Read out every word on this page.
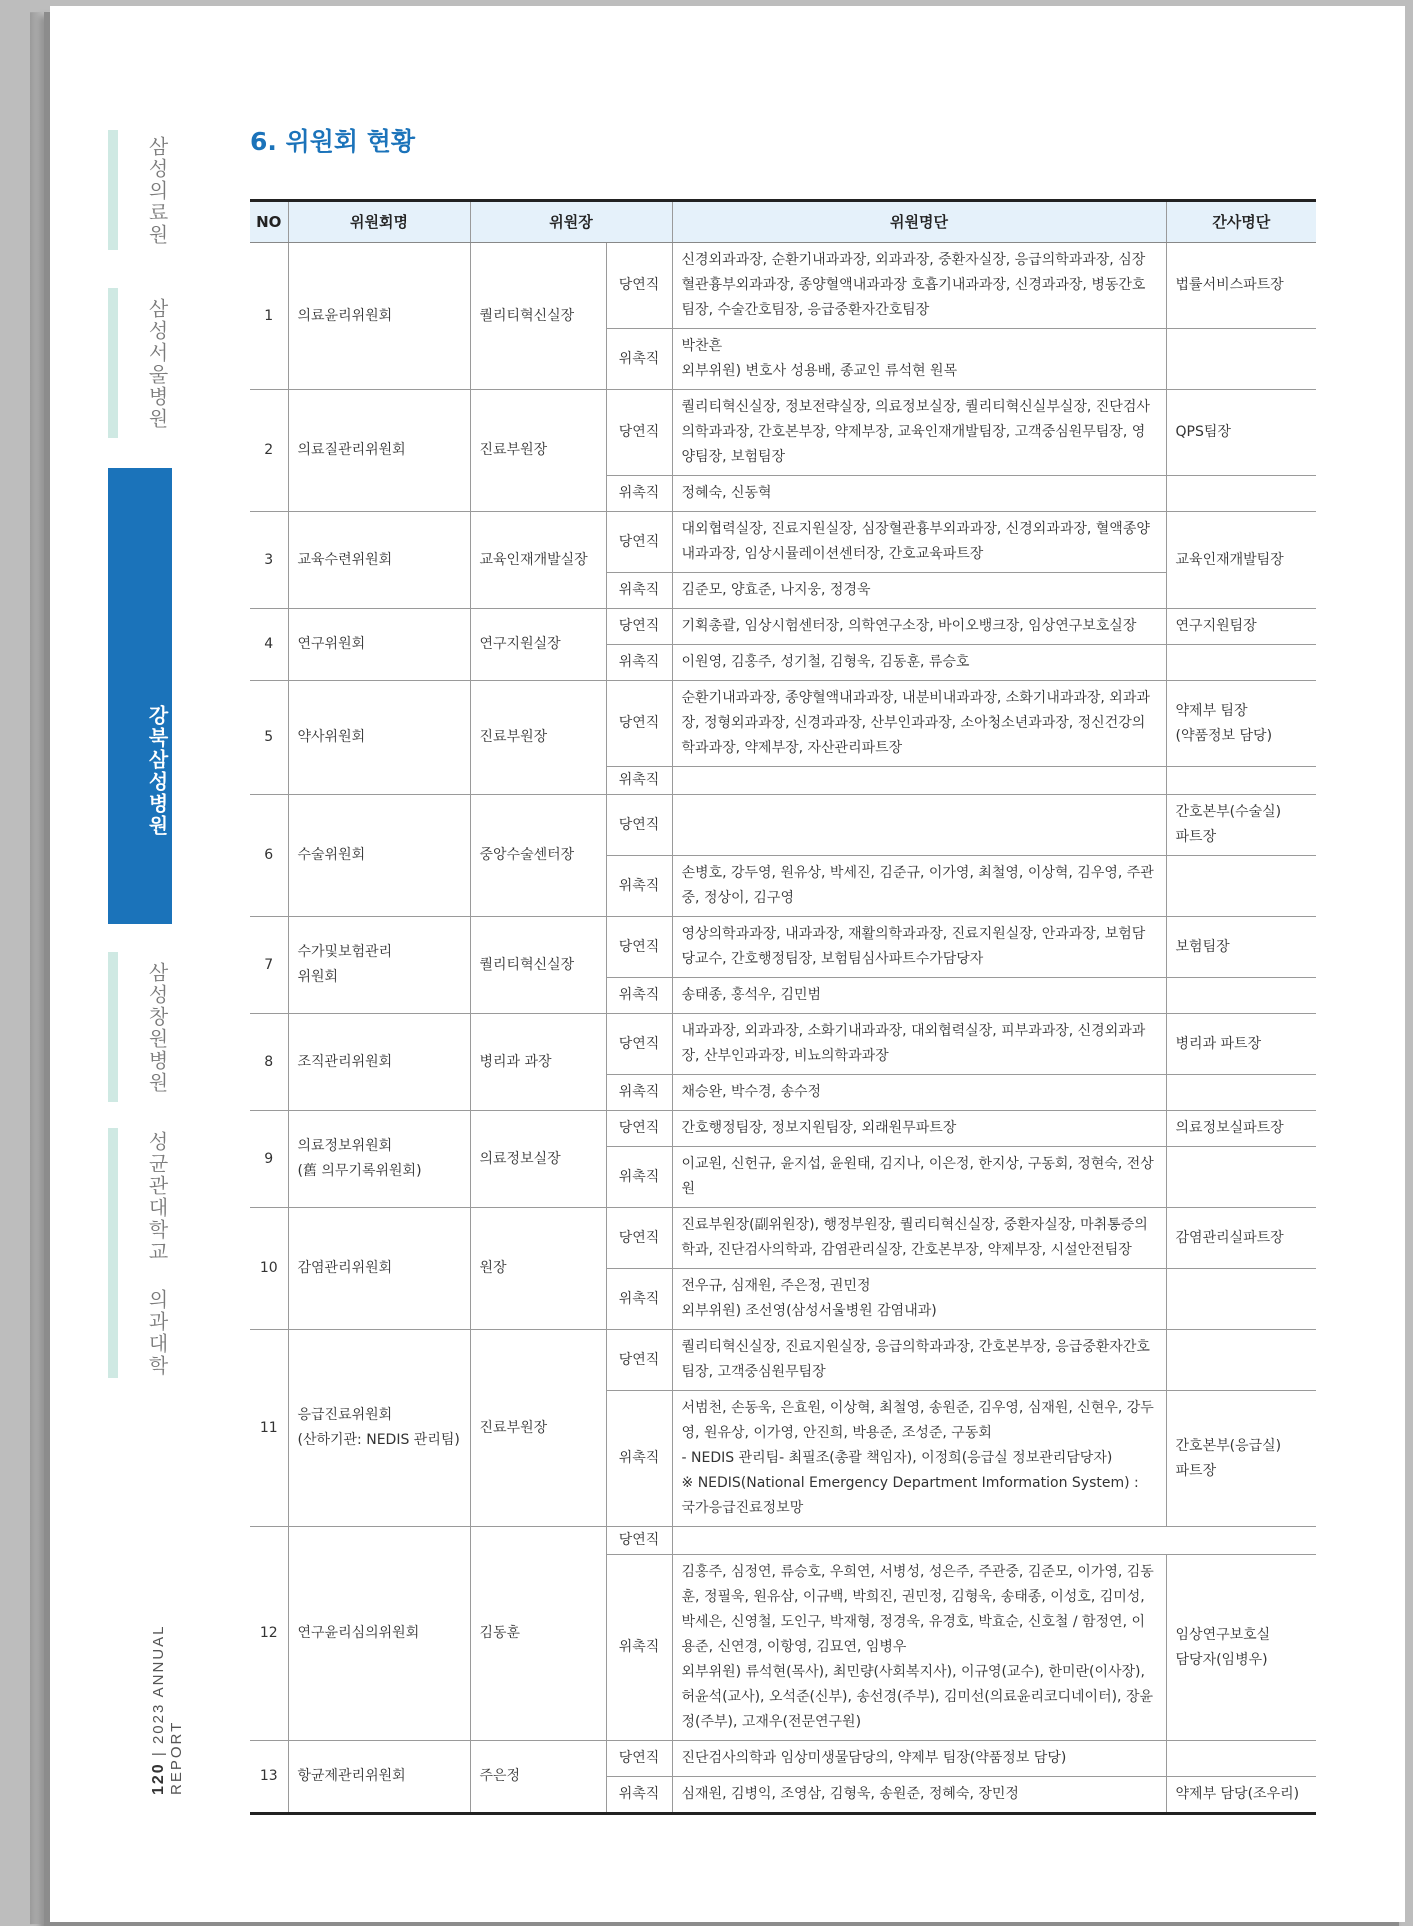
삼성의료원
삼성서울병원
강북삼성병원
삼성창원병원
성균관대학교 의과대학
120 | 2023 ANNUAL REPORT
6. 위원회 현황
NO	위원회명	위원장		위원명단	간사명단
1	의료윤리위원회	퀄리티혁신실장	당연직	신경외과과장, 순환기내과과장, 외과과장, 중환자실장, 응급의학과과장, 심장혈관흉부외과과장, 종양혈액내과과장 호흡기내과과장, 신경과과장, 병동간호팀장, 수술간호팀장, 응급중환자간호팀장	법률서비스파트장
			위촉직	박찬흔
외부위원) 변호사 성용배, 종교인 류석현 원목	
2	의료질관리위원회	진료부원장	당연직	퀄리티혁신실장, 정보전략실장, 의료정보실장, 퀄리티혁신실부실장, 진단검사의학과과장, 간호본부장, 약제부장, 교육인재개발팀장, 고객중심원무팀장, 영양팀장, 보험팀장	QPS팀장
			위촉직	정혜숙, 신동혁	
3	교육수련위원회	교육인재개발실장	당연직	대외협력실장, 진료지원실장, 심장혈관흉부외과과장, 신경외과과장, 혈액종양내과과장, 임상시뮬레이션센터장, 간호교육파트장	교육인재개발팀장
			위촉직	김준모, 양효준, 나지웅, 정경욱	
4	연구위원회	연구지원실장	당연직	기획총괄, 임상시험센터장, 의학연구소장, 바이오뱅크장, 임상연구보호실장	연구지원팀장
			위촉직	이원영, 김홍주, 성기철, 김형욱, 김동훈, 류승호	
5	약사위원회	진료부원장	당연직	순환기내과과장, 종양혈액내과과장, 내분비내과과장, 소화기내과과장, 외과과장, 정형외과과장, 신경과과장, 산부인과과장, 소아청소년과과장, 정신건강의학과과장, 약제부장, 자산관리파트장	약제부 팀장
(약품정보 담당)
			위촉직		
6	수술위원회	중앙수술센터장	당연직		간호본부(수술실)
파트장
			위촉직	손병호, 강두영, 원유상, 박세진, 김준규, 이가영, 최철영, 이상혁, 김우영, 주관중, 정상이, 김구영	
7	수가및보험관리
위원회	퀄리티혁신실장	당연직	영상의학과과장, 내과과장, 재활의학과과장, 진료지원실장, 안과과장, 보험담당교수, 간호행정팀장, 보험팀심사파트수가담당자	보험팀장
			위촉직	송태종, 홍석우, 김민범	
8	조직관리위원회	병리과 과장	당연직	내과과장, 외과과장, 소화기내과과장, 대외협력실장, 피부과과장, 신경외과과장, 산부인과과장, 비뇨의학과과장	병리과 파트장
			위촉직	채승완, 박수경, 송수정	
9	의료정보위원회
(舊 의무기록위원회)	의료정보실장	당연직	간호행정팀장, 정보지원팀장, 외래원무파트장	의료정보실파트장
			위촉직	이교원, 신헌규, 윤지섭, 윤원태, 김지나, 이은정, 한지상, 구동회, 정현숙, 전상원	
10	감염관리위원회	원장	당연직	진료부원장(副위원장), 행정부원장, 퀄리티혁신실장, 중환자실장, 마취통증의학과, 진단검사의학과, 감염관리실장, 간호본부장, 약제부장, 시설안전팀장	감염관리실파트장
			위촉직	전우규, 심재원, 주은정, 권민정
외부위원) 조선영(삼성서울병원 감염내과)	
11	응급진료위원회
(산하기관: NEDIS 관리팀)	진료부원장	당연직	퀄리티혁신실장, 진료지원실장, 응급의학과과장, 간호본부장, 응급중환자간호팀장, 고객중심원무팀장	
			위촉직	서범천, 손동욱, 은효원, 이상혁, 최철영, 송원준, 김우영, 심재원, 신현우, 강두영, 원유상, 이가영, 안진희, 박용준, 조성준, 구동회
- NEDIS 관리팀- 최필조(총괄 책임자), 이정희(응급실 정보관리담당자)
※ NEDIS(National Emergency Department Imformation System) : 국가응급진료정보망	간호본부(응급실)
파트장
12	연구윤리심의위원회	김동훈	당연직		
			위촉직	김홍주, 심정연, 류승호, 우희연, 서병성, 성은주, 주관중, 김준모, 이가영, 김동훈, 정필욱, 원유삼, 이규백, 박희진, 권민정, 김형욱, 송태종, 이성호, 김미성, 박세은, 신영철, 도인구, 박재형, 정경욱, 유경호, 박효순, 신호철 / 함정연, 이용준, 신연경, 이항영, 김묘연, 임병우
외부위원) 류석현(목사), 최민량(사회복지사), 이규영(교수), 한미란(이사장), 허윤석(교사), 오석준(신부), 송선경(주부), 김미선(의료윤리코디네이터), 장윤정(주부), 고재우(전문연구원)	임상연구보호실
담당자(임병우)
13	항균제관리위원회	주은정	당연직	진단검사의학과 임상미생물담당의, 약제부 팀장(약품정보 담당)	
			위촉직	심재원, 김병익, 조영삼, 김형욱, 송원준, 정혜숙, 장민정	약제부 담당(조우리)
